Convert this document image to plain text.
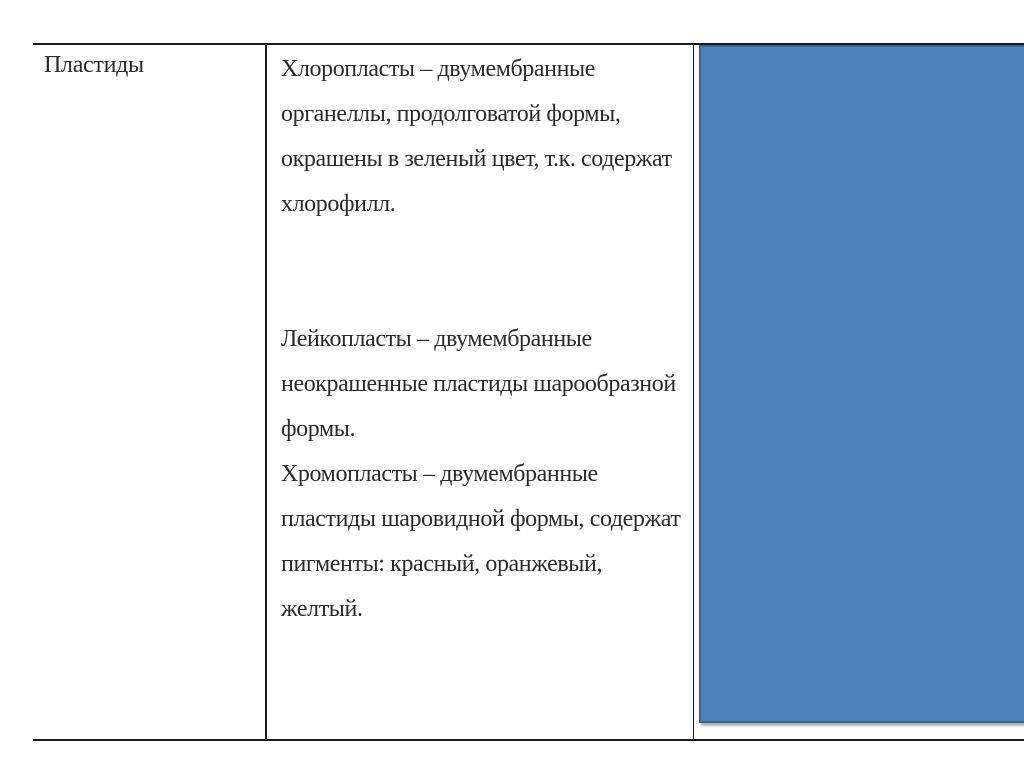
Пластиды	Хлоропласты – двумембранные органеллы, продолговатой формы, окрашены в зеленый цвет, т.к. содержат хлорофилл.

Лейкопласты – двумембранные неокрашенные пластиды шарообразной формы.

Хромопласты – двумембранные пластиды шаровидной формы, содержат пигменты: красный, оранжевый, желтый.
